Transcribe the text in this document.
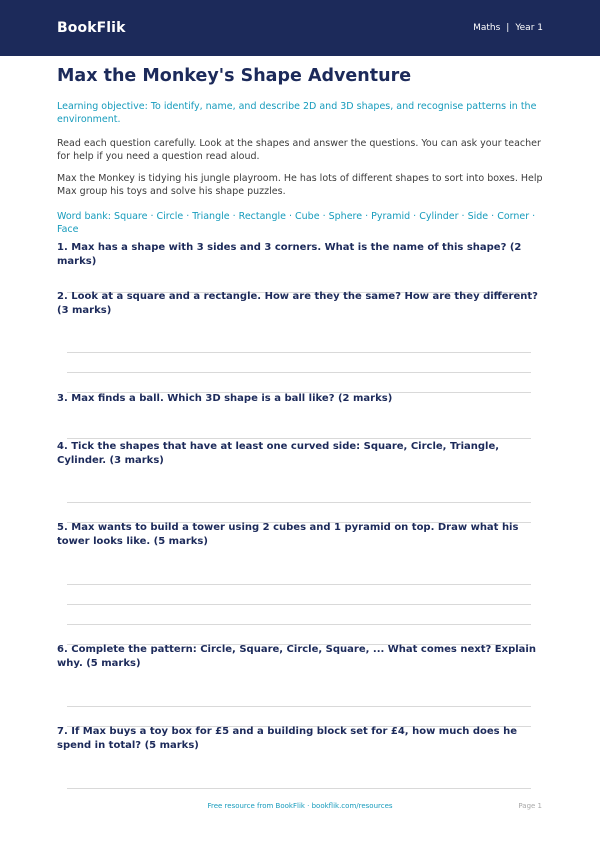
BookFlik	Maths | Year 1
Max the Monkey's Shape Adventure

Learning objective: To identify, name, and describe 2D and 3D shapes, and recognise patterns in the environment.

Read each question carefully. Look at the shapes and answer the questions. You can ask your teacher for help if you need a question read aloud.

Max the Monkey is tidying his jungle playroom. He has lots of different shapes to sort into boxes. Help Max group his toys and solve his shape puzzles.

Word bank: Square · Circle · Triangle · Rectangle · Cube · Sphere · Pyramid · Cylinder · Side · Corner · Face

1. Max has a shape with 3 sides and 3 corners. What is the name of this shape? (2 marks)

2. Look at a square and a rectangle. How are they the same? How are they different? (3 marks)

3. Max finds a ball. Which 3D shape is a ball like? (2 marks)

4. Tick the shapes that have at least one curved side: Square, Circle, Triangle, Cylinder. (3 marks)

5. Max wants to build a tower using 2 cubes and 1 pyramid on top. Draw what his tower looks like. (5 marks)

6. Complete the pattern: Circle, Square, Circle, Square, ... What comes next? Explain why. (5 marks)

7. If Max buys a toy box for £5 and a building block set for £4, how much does he spend in total? (5 marks)

Free resource from BookFlik · bookflik.com/resources	Page 1
